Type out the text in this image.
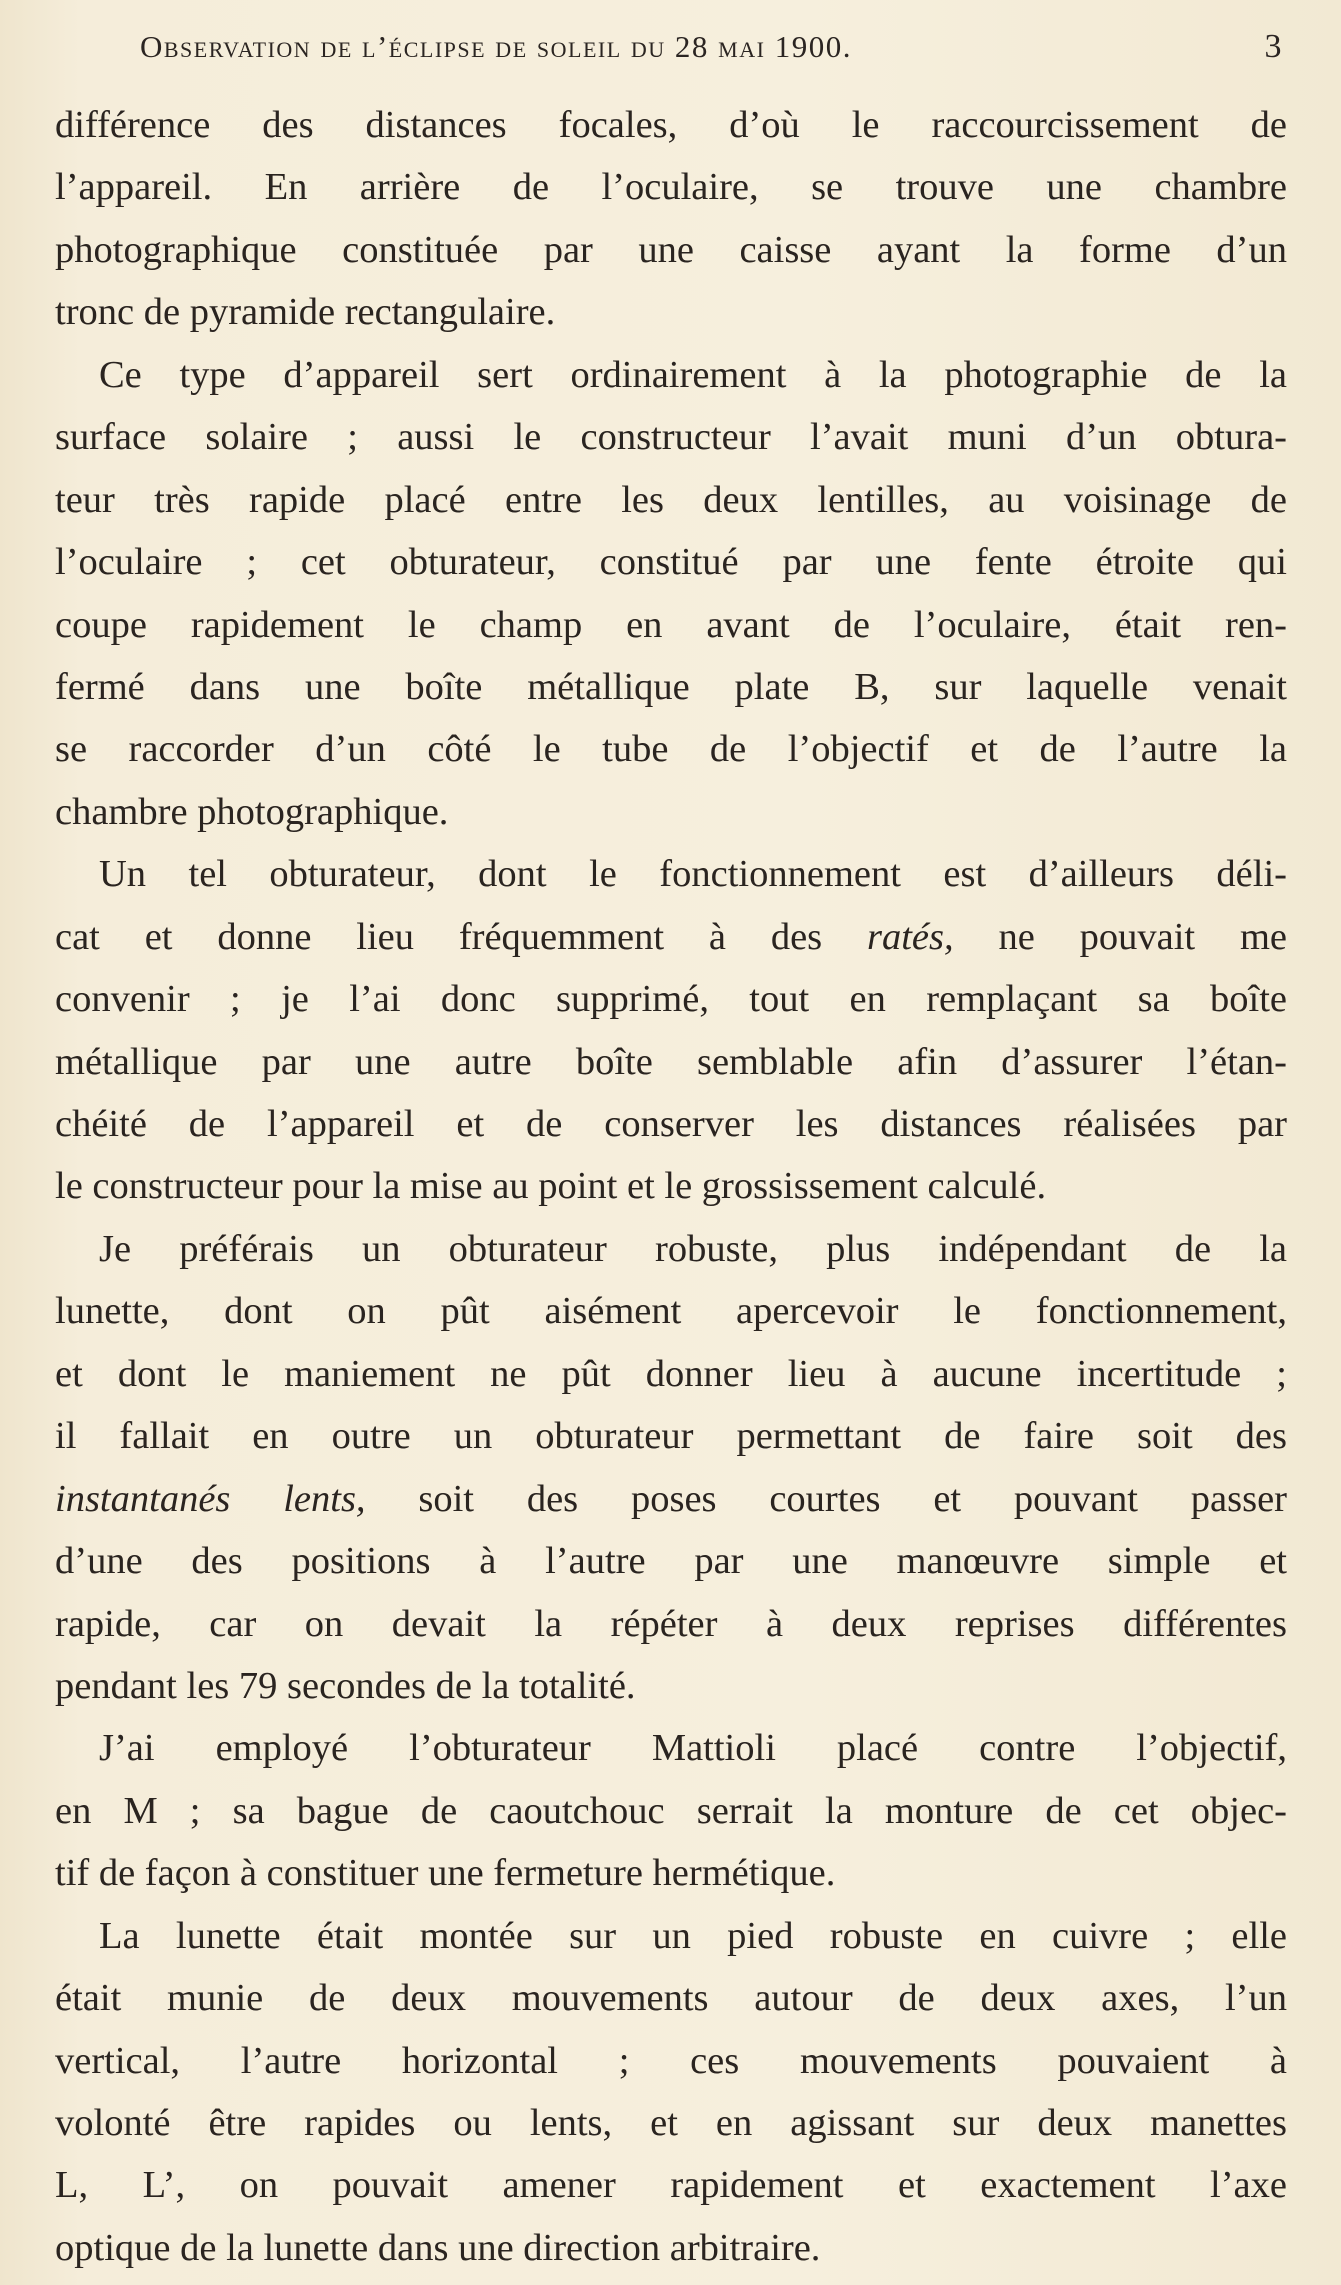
Observation de l’éclipse de soleil du 28 mai 1900.	3
différence des distances focales, d’où le raccourcissement de
l’appareil. En arrière de l’oculaire, se trouve une chambre
photographique constituée par une caisse ayant la forme d’un
tronc de pyramide rectangulaire.
Ce type d’appareil sert ordinairement à la photographie de la
surface solaire ; aussi le constructeur l’avait muni d’un obtura-
teur très rapide placé entre les deux lentilles, au voisinage de
l’oculaire ; cet obturateur, constitué par une fente étroite qui
coupe rapidement le champ en avant de l’oculaire, était ren-
fermé dans une boîte métallique plate B, sur laquelle venait
se raccorder d’un côté le tube de l’objectif et de l’autre la
chambre photographique.
Un tel obturateur, dont le fonctionnement est d’ailleurs déli-
cat et donne lieu fréquemment à des ratés, ne pouvait me
convenir ; je l’ai donc supprimé, tout en remplaçant sa boîte
métallique par une autre boîte semblable afin d’assurer l’étan-
chéité de l’appareil et de conserver les distances réalisées par
le constructeur pour la mise au point et le grossissement calculé.
Je préférais un obturateur robuste, plus indépendant de la
lunette, dont on pût aisément apercevoir le fonctionnement,
et dont le maniement ne pût donner lieu à aucune incertitude ;
il fallait en outre un obturateur permettant de faire soit des
instantanés lents, soit des poses courtes et pouvant passer
d’une des positions à l’autre par une manœuvre simple et
rapide, car on devait la répéter à deux reprises différentes
pendant les 79 secondes de la totalité.
J’ai employé l’obturateur Mattioli placé contre l’objectif,
en M ; sa bague de caoutchouc serrait la monture de cet objec-
tif de façon à constituer une fermeture hermétique.
La lunette était montée sur un pied robuste en cuivre ; elle
était munie de deux mouvements autour de deux axes, l’un
vertical, l’autre horizontal ; ces mouvements pouvaient à
volonté être rapides ou lents, et en agissant sur deux manettes
L, L’, on pouvait amener rapidement et exactement l’axe
optique de la lunette dans une direction arbitraire.
